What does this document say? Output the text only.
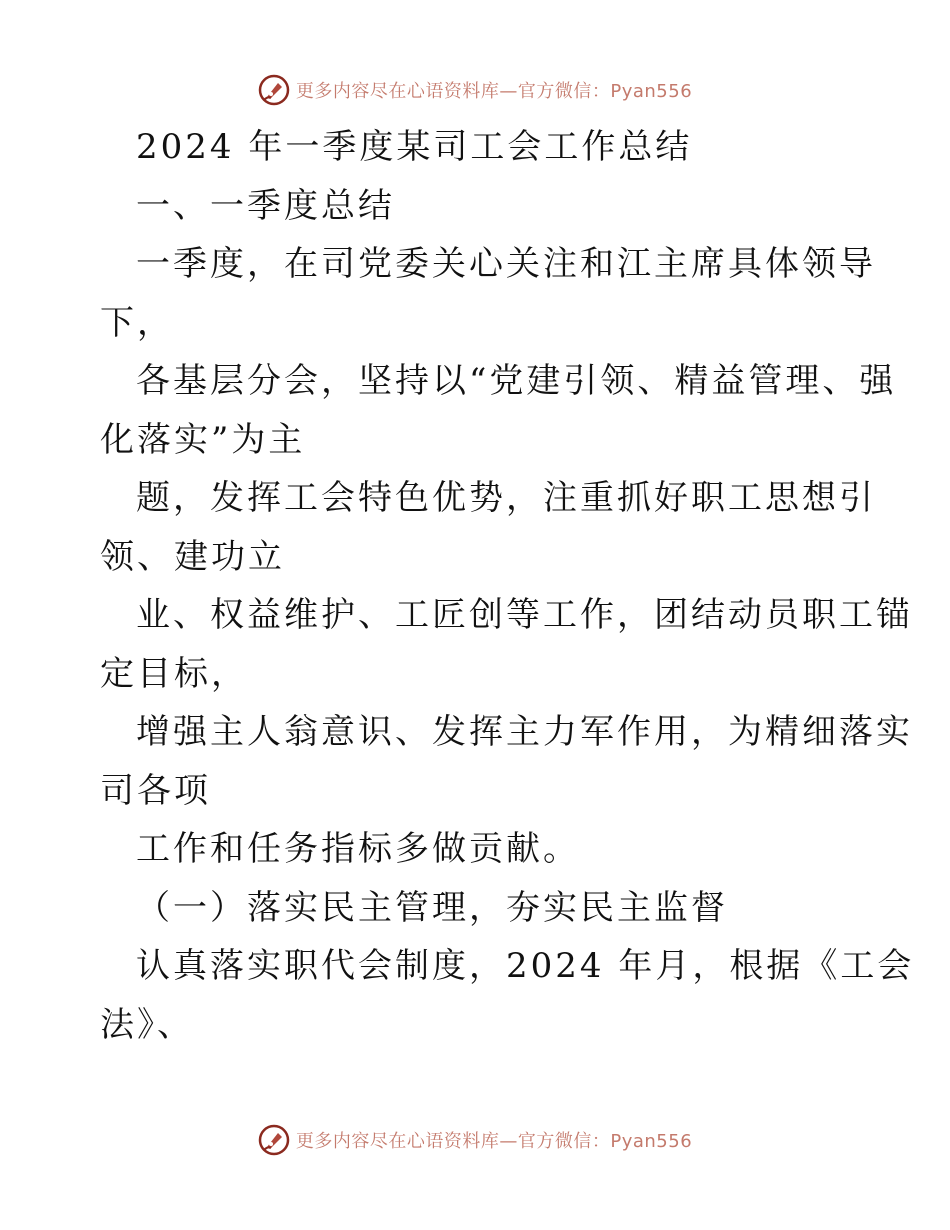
更多内容尽在心语资料库—官方微信：Pyan556
2024 年一季度某司工会工作总结
一、一季度总结
一季度，在司党委关心关注和江主席具体领导
下，
各基层分会，坚持以“党建引领、精益管理、强
化落实”为主
题，发挥工会特色优势，注重抓好职工思想引
领、建功立
业、权益维护、工匠创等工作，团结动员职工锚
定目标，
增强主人翁意识、发挥主力军作用，为精细落实
司各项
工作和任务指标多做贡献。
（一）落实民主管理，夯实民主监督
认真落实职代会制度，2024 年月，根据《工会
法》、
更多内容尽在心语资料库—官方微信：Pyan556
